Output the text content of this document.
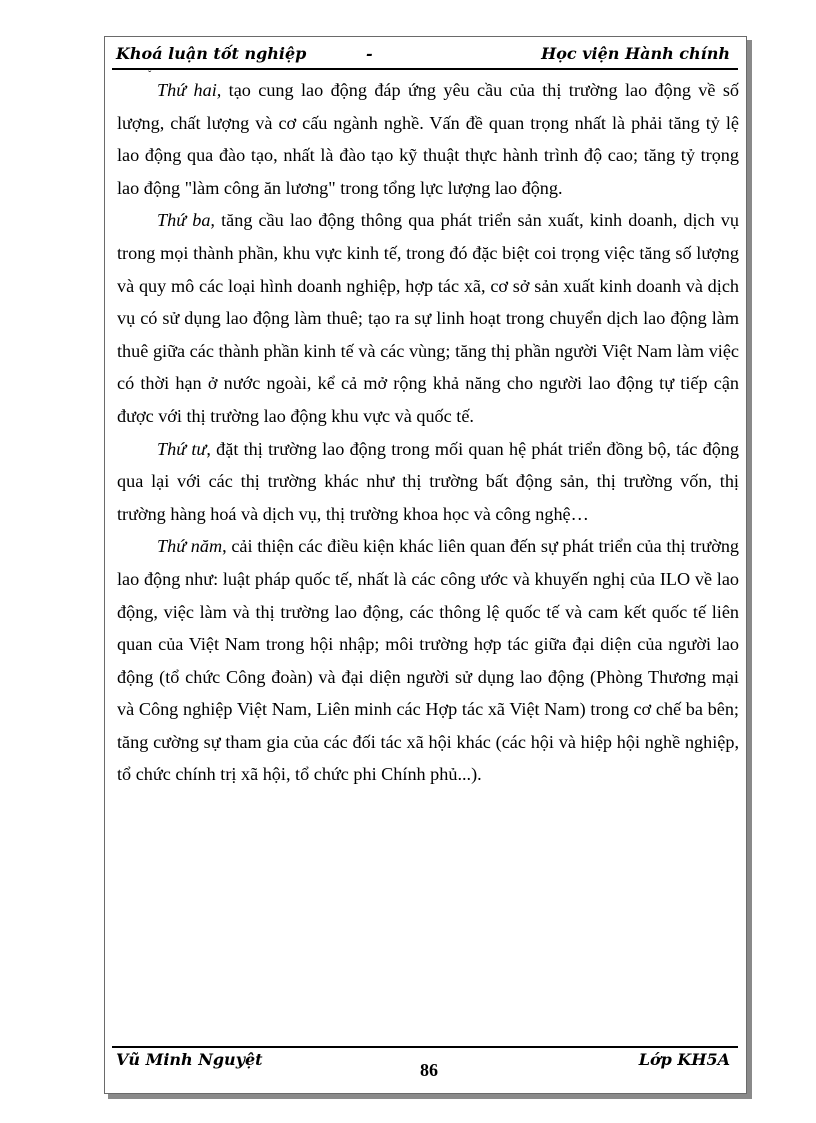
Khoá luận tốt nghiệp	-	Học viện Hành chính
ˇ

Thứ hai, tạo cung lao động đáp ứng yêu cầu của thị trường lao động về số lượng, chất lượng và cơ cấu ngành nghề. Vấn đề quan trọng nhất là phải tăng tỷ lệ lao động qua đào tạo, nhất là đào tạo kỹ thuật thực hành trình độ cao; tăng tỷ trọng lao động "làm công ăn lương" trong tổng lực lượng lao động.

Thứ ba, tăng cầu lao động thông qua phát triển sản xuất, kinh doanh, dịch vụ trong mọi thành phần, khu vực kinh tế, trong đó đặc biệt coi trọng việc tăng số lượng và quy mô các loại hình doanh nghiệp, hợp tác xã, cơ sở sản xuất kinh doanh và dịch vụ có sử dụng lao động làm thuê; tạo ra sự linh hoạt trong chuyển dịch lao động làm thuê giữa các thành phần kinh tế và các vùng; tăng thị phần người Việt Nam làm việc có thời hạn ở nước ngoài, kể cả mở rộng khả năng cho người lao động tự tiếp cận được với thị trường lao động khu vực và quốc tế.

Thứ tư, đặt thị trường lao động trong mối quan hệ phát triển đồng bộ, tác động qua lại với các thị trường khác như thị trường bất động sản, thị trường vốn, thị trường hàng hoá và dịch vụ, thị trường khoa học và công nghệ…

Thứ năm, cải thiện các điều kiện khác liên quan đến sự phát triển của thị trường lao động như: luật pháp quốc tế, nhất là các công ước và khuyến nghị của ILO về lao động, việc làm và thị trường lao động, các thông lệ quốc tế và cam kết quốc tế liên quan của Việt Nam trong hội nhập; môi trường hợp tác giữa đại diện của người lao động (tổ chức Công đoàn) và đại diện người sử dụng lao động (Phòng Thương mại và Công nghiệp Việt Nam, Liên minh các Hợp tác xã Việt Nam) trong cơ chế ba bên; tăng cường sự tham gia của các đối tác xã hội khác (các hội và hiệp hội nghề nghiệp, tổ chức chính trị xã hội, tổ chức phi Chính phủ...).

Vũ Minh Nguyệt
86
Lớp KH5A
